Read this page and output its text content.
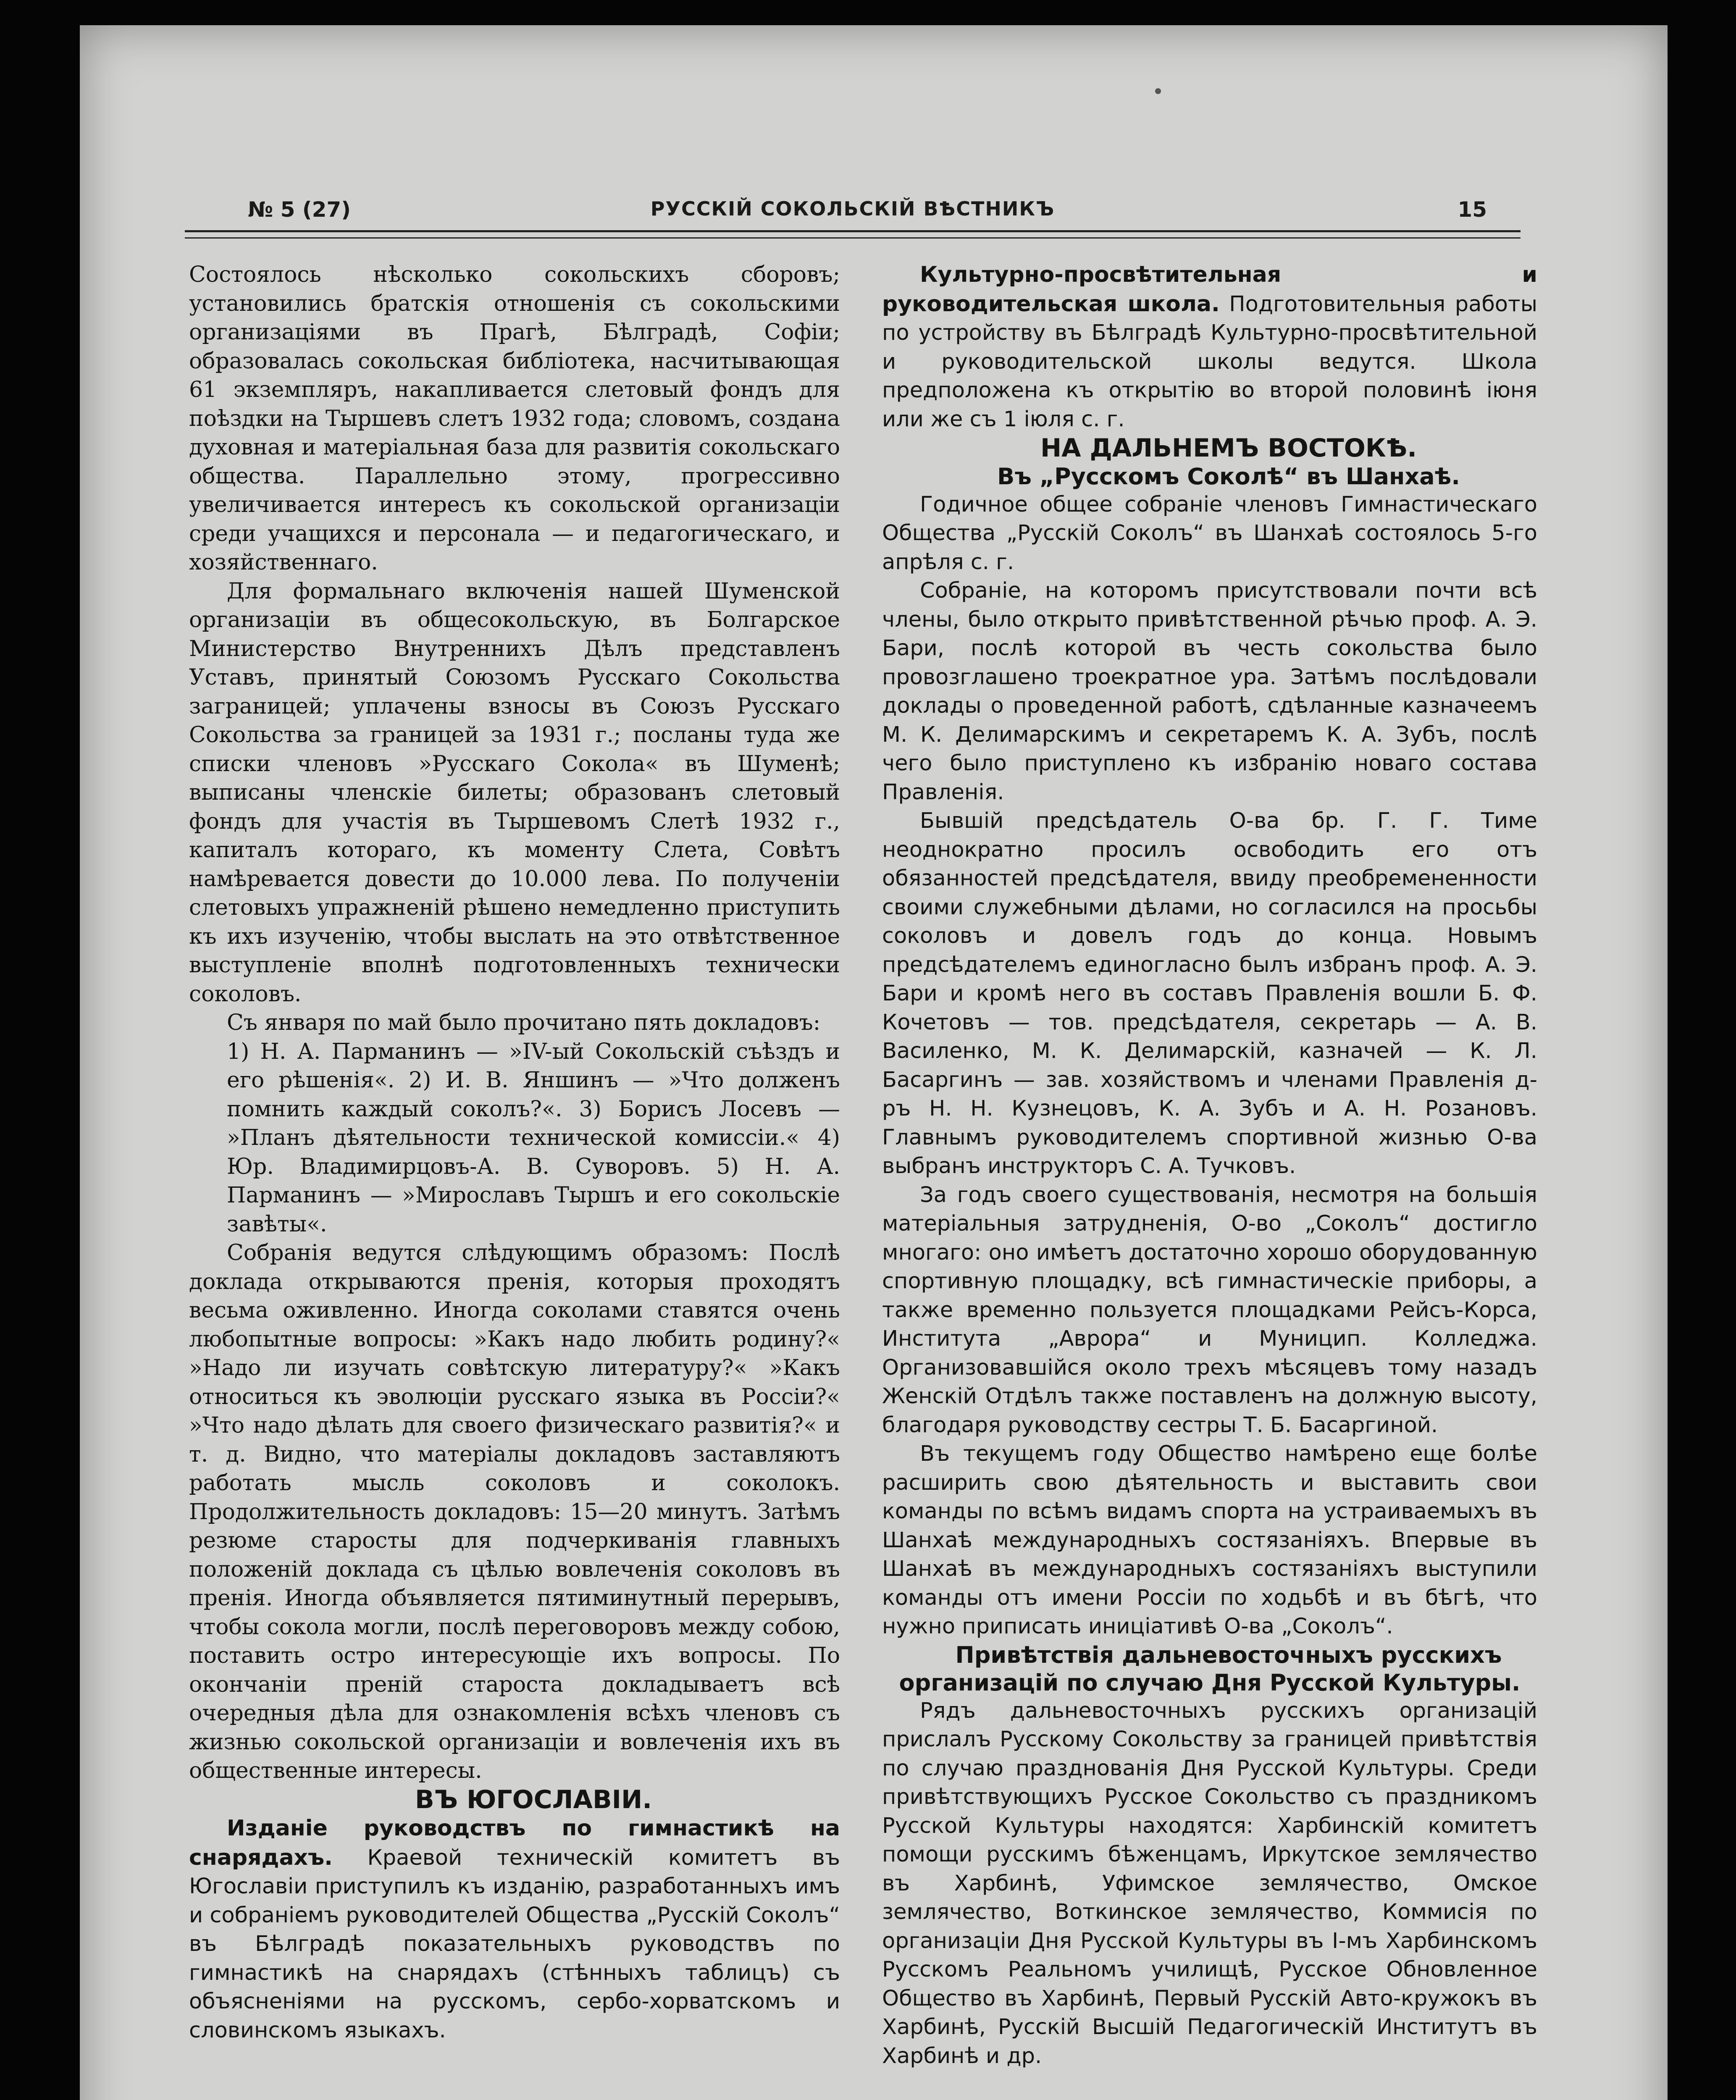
РУССКІЙ СОКОЛЬСКІЙ ВѢСТНИКЪ
№ 5 (27)	15

Состоялось нѣсколько сокольскихъ сборовъ; установились братскія отношенія съ сокольскими организаціями въ Прагѣ, Бѣлградѣ, Софіи; образовалась сокольская библіотека, насчитывающая 61 экземпляръ, накапливается слетовый фондъ для поѣздки на Тыршевъ слетъ 1932 года; словомъ, создана духовная и матеріальная база для развитія сокольскаго общества. Параллельно этому, прогрессивно увеличивается интересъ къ сокольской организаціи среди учащихся и персонала — и педагогическаго, и хозяйственнаго.

Для формальнаго включенія нашей Шуменской организаціи въ общесокольскую, въ Болгарское Министерство Внутреннихъ Дѣлъ представленъ Уставъ, принятый Союзомъ Русскаго Сокольства заграницей; уплачены взносы въ Союзъ Русскаго Сокольства за границей за 1931 г.; посланы туда же списки членовъ »Русскаго Сокола« въ Шуменѣ; выписаны членскіе билеты; образованъ слетовый фондъ для участія въ Тыршевомъ Слетѣ 1932 г., капиталъ котораго, къ моменту Слета, Совѣтъ намѣревается довести до 10.000 лева. По полученіи слетовыхъ упражненій рѣшено немедленно приступить къ ихъ изученію, чтобы выслать на это отвѣтственное выступленіе вполнѣ подготовленныхъ технически соколовъ.

Съ января по май было прочитано пять докладовъ:

1) Н. А. Парманинъ — »IV-ый Сокольскій съѣздъ и его рѣшенія«. 2) И. В. Яншинъ — »Что долженъ помнить каждый соколъ?«. 3) Борисъ Лосевъ — »Планъ дѣятельности технической комиссіи.« 4) Юр. Владимирцовъ-А. В. Суворовъ. 5) Н. А. Парманинъ — »Мирославъ Тыршъ и его сокольскіе завѣты«.

Собранія ведутся слѣдующимъ образомъ: Послѣ доклада открываются пренія, которыя проходятъ весьма оживленно. Иногда соколами ставятся очень любопытные вопросы: »Какъ надо любить родину?« »Надо ли изучать совѣтскую литературу?« »Какъ относиться къ эволюціи русскаго языка въ Россіи?« »Что надо дѣлать для своего физическаго развитія?« и т. д. Видно, что матеріалы докладовъ заставляютъ работать мысль соколовъ и соколокъ. Продолжительность докладовъ: 15—20 минутъ. Затѣмъ резюме старосты для подчеркиванія главныхъ положеній доклада съ цѣлью вовлеченія соколовъ въ пренія. Иногда объявляется пятиминутный перерывъ, чтобы сокола могли, послѣ переговоровъ между собою, поставить остро интересующіе ихъ вопросы. По окончаніи преній староста докладываетъ всѣ очередныя дѣла для ознакомленія всѣхъ членовъ съ жизнью сокольской организаціи и вовлеченія ихъ въ общественные интересы.

ВЪ ЮГОСЛАВІИ.

Изданіе руководствъ по гимнастикѣ на снарядахъ. Краевой техническій комитетъ въ Югославіи приступилъ къ изданію, разработанныхъ имъ и собраніемъ руководителей Общества „Русскій Соколъ“ въ Бѣлградѣ показательныхъ руководствъ по гимнастикѣ на снарядахъ (стѣнныхъ таблицъ) съ объясненіями на русскомъ, сербо-хорватскомъ и словинскомъ языкахъ.

Культурно-просвѣтительная и руководительская школа. Подготовительныя работы по устройству въ Бѣлградѣ Культурно-просвѣтительной и руководительской школы ведутся. Школа предположена къ открытію во второй половинѣ іюня или же съ 1 іюля с. г.

НА ДАЛЬНЕМЪ ВОСТОКѢ.

Въ „Русскомъ Соколѣ“ въ Шанхаѣ.

Годичное общее собраніе членовъ Гимнастическаго Общества „Русскій Соколъ“ въ Шанхаѣ состоялось 5-го апрѣля с. г.

Собраніе, на которомъ присутствовали почти всѣ члены, было открыто привѣтственной рѣчью проф. А. Э. Бари, послѣ которой въ честь сокольства было провозглашено троекратное ура. Затѣмъ послѣдовали доклады о проведенной работѣ, сдѣланные казначеемъ М. К. Делимарскимъ и секретаремъ К. А. Зубъ, послѣ чего было приступлено къ избранію новаго состава Правленія.

Бывшій предсѣдатель О-ва бр. Г. Г. Тиме неоднократно просилъ освободить его отъ обязанностей предсѣдателя, ввиду преобремененности своими служебными дѣлами, но согласился на просьбы соколовъ и довелъ годъ до конца. Новымъ предсѣдателемъ единогласно былъ избранъ проф. А. Э. Бари и кромѣ него въ составъ Правленія вошли Б. Ф. Кочетовъ — тов. предсѣдателя, секретарь — А. В. Василенко, М. К. Делимарскій, казначей — К. Л. Басаргинъ — зав. хозяйствомъ и членами Правленія д-ръ Н. Н. Кузнецовъ, К. А. Зубъ и А. Н. Розановъ. Главнымъ руководителемъ спортивной жизнью О-ва выбранъ инструкторъ С. А. Тучковъ.

За годъ своего существованія, несмотря на большія матеріальныя затрудненія, О-во „Соколъ“ достигло многаго: оно имѣетъ достаточно хорошо оборудованную спортивную площадку, всѣ гимнастическіе приборы, а также временно пользуется площадками Рейсъ-Корса, Института „Аврора“ и Муницип. Колледжа. Организовавшійся около трехъ мѣсяцевъ тому назадъ Женскій Отдѣлъ также поставленъ на должную высоту, благодаря руководству сестры Т. Б. Басаргиной.

Въ текущемъ году Общество намѣрено еще болѣе расширить свою дѣятельность и выставить свои команды по всѣмъ видамъ спорта на устраиваемыхъ въ Шанхаѣ международныхъ состязаніяхъ. Впервые въ Шанхаѣ въ международныхъ состязаніяхъ выступили команды отъ имени Россіи по ходьбѣ и въ бѣгѣ, что нужно приписать иниціативѣ О-ва „Соколъ“.

Привѣтствія дальневосточныхъ русскихъ организацій по случаю Дня Русской Культуры.

Рядъ дальневосточныхъ русскихъ организацій прислалъ Русскому Сокольству за границей привѣтствія по случаю празднованія Дня Русской Культуры. Среди привѣтствующихъ Русское Сокольство съ праздникомъ Русской Культуры находятся: Харбинскій комитетъ помощи русскимъ бѣженцамъ, Иркутское землячество въ Харбинѣ, Уфимское землячество, Омское землячество, Воткинское землячество, Коммисія по организаціи Дня Русской Культуры въ I-мъ Харбинскомъ Русскомъ Реальномъ училищѣ, Русское Обновленное Общество въ Харбинѣ, Первый Русскій Авто-кружокъ въ Харбинѣ, Русскій Высшій Педагогическій Институтъ въ Харбинѣ и др.
